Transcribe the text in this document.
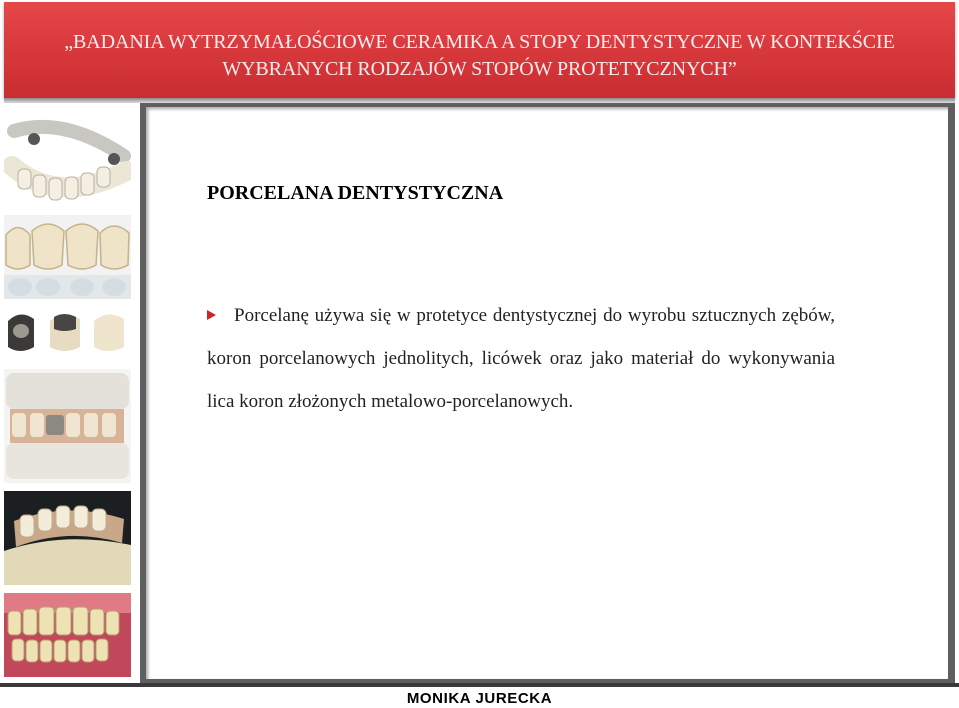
„BADANIA WYTRZYMAŁOŚCIOWE CERAMIKA A STOPY DENTYSTYCZNE W KONTEKŚCIE
WYBRANYCH RODZAJÓW STOPÓW PROTETYCZNYCH”
PORCELANA DENTYSTYCZNA
Porcelanę używa się w protetyce dentystycznej do wyrobu sztucznych zębów, koron porcelanowych jednolitych, licówek oraz jako materiał do wykonywania lica koron złożonych metalowo-porcelanowych.
MONIKA JURECKA
